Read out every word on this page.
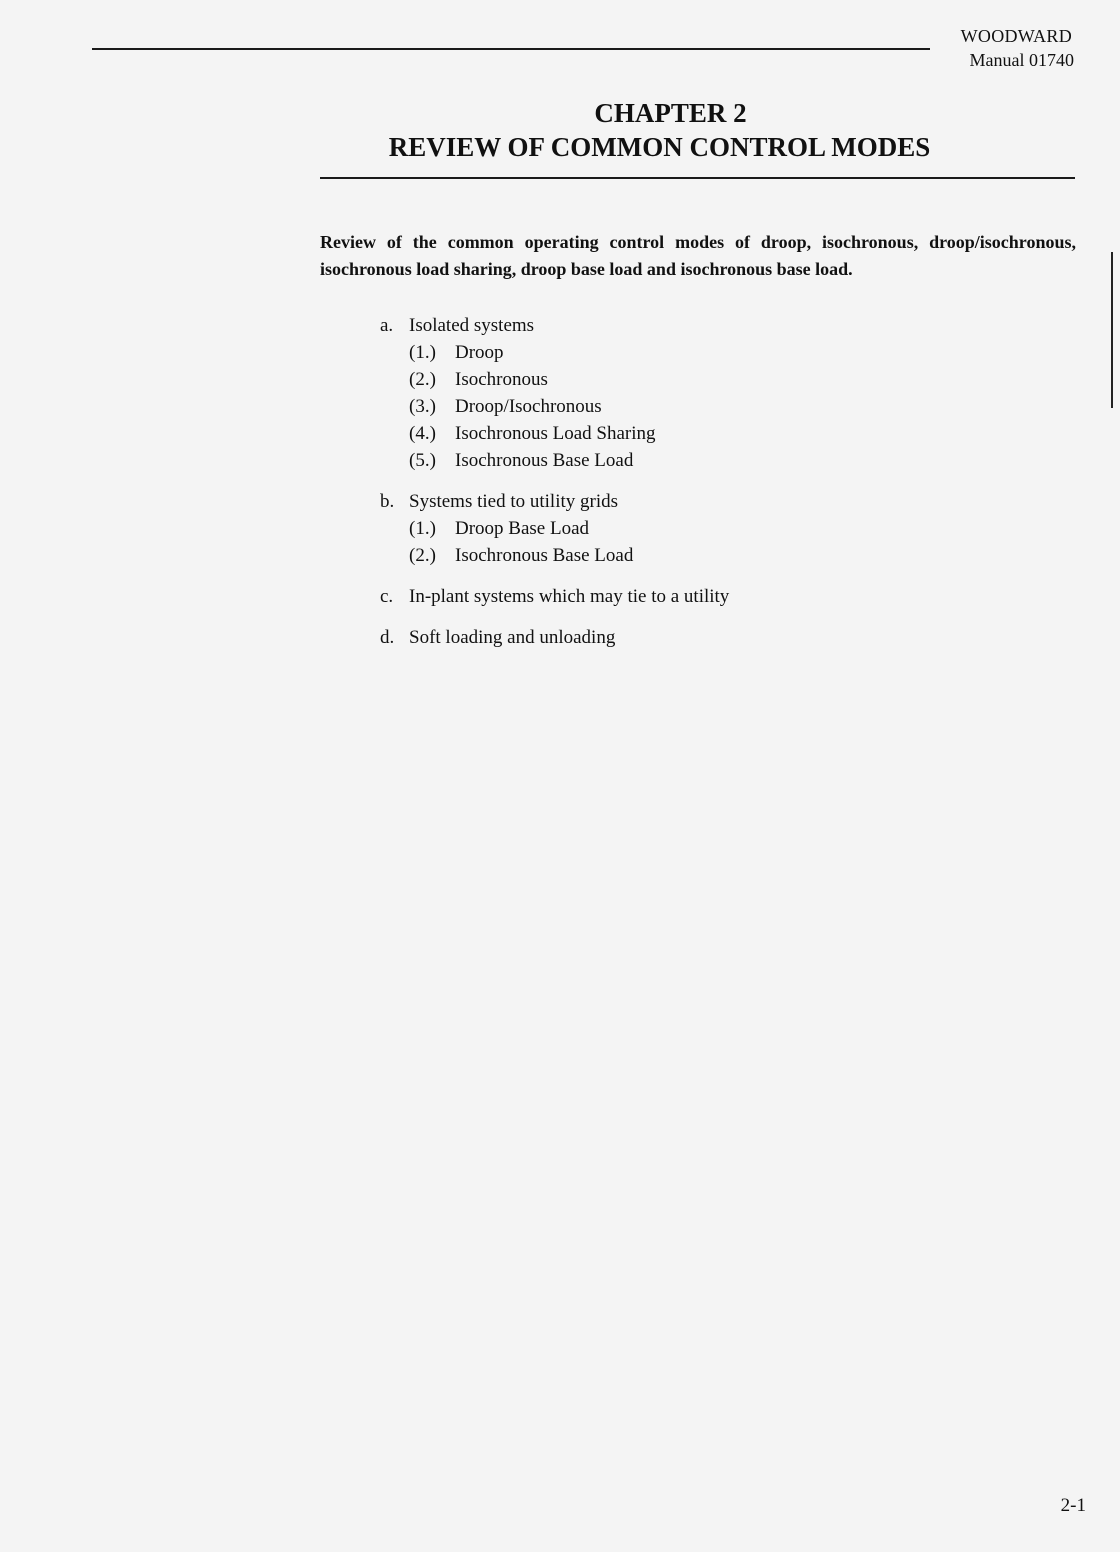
WOODWARD
Manual 01740
CHAPTER 2
REVIEW OF COMMON CONTROL MODES
Review of the common operating control modes of droop, isochronous, droop/isochronous, isochronous load sharing, droop base load and isochronous base load.
a. Isolated systems
(1.) Droop
(2.) Isochronous
(3.) Droop/Isochronous
(4.) Isochronous Load Sharing
(5.) Isochronous Base Load
b. Systems tied to utility grids
(1.) Droop Base Load
(2.) Isochronous Base Load
c. In-plant systems which may tie to a utility
d. Soft loading and unloading
2-1
